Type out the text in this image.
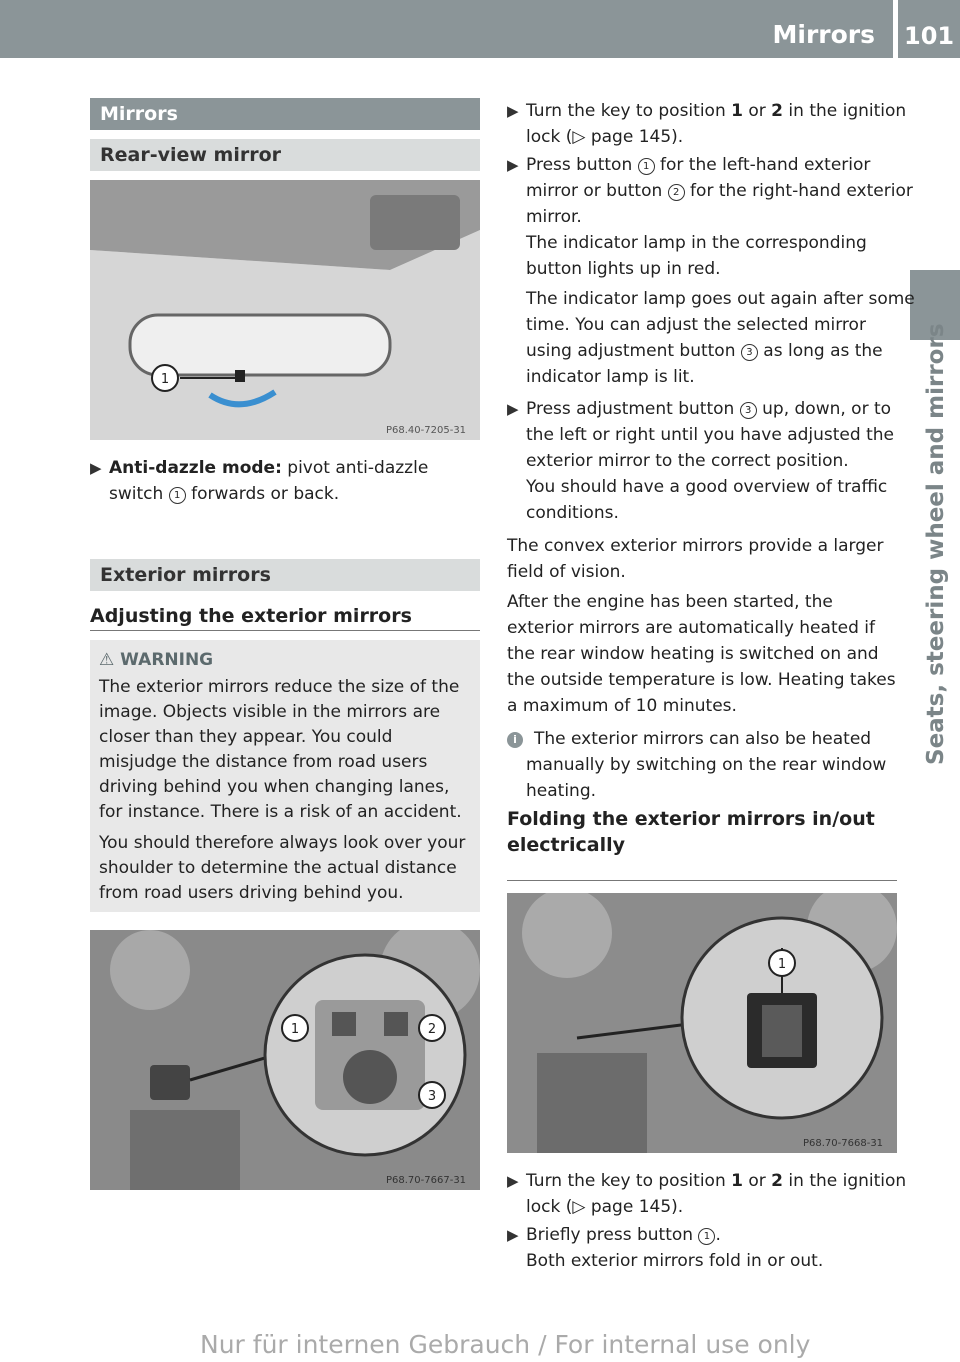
Mirrors 101
Seats, steering wheel and mirrors
Mirrors
Rear-view mirror
1
P68.40-7205-31
▶ Anti-dazzle mode: pivot anti-dazzle switch 1 forwards or back.
Exterior mirrors
Adjusting the exterior mirrors
⚠ WARNING
The exterior mirrors reduce the size of the image. Objects visible in the mirrors are closer than they appear. You could misjudge the distance from road users driving behind you when changing lanes, for instance. There is a risk of an accident.
You should therefore always look over your shoulder to determine the actual distance from road users driving behind you.
1	2
3
P68.70-7667-31
▶ Turn the key to position 1 or 2 in the ignition lock (▷ page 145).
▶ Press button 1 for the left-hand exterior mirror or button 2 for the right-hand exterior mirror.
The indicator lamp in the corresponding button lights up in red.
The indicator lamp goes out again after some time. You can adjust the selected mirror using adjustment button 3 as long as the indicator lamp is lit.
▶ Press adjustment button 3 up, down, or to the left or right until you have adjusted the exterior mirror to the correct position.
You should have a good overview of traffic conditions.
The convex exterior mirrors provide a larger field of vision.
After the engine has been started, the exterior mirrors are automatically heated if the rear window heating is switched on and the outside temperature is low. Heating takes a maximum of 10 minutes.
i	The exterior mirrors can also be heated manually by switching on the rear window heating.
Folding the exterior mirrors in/out electrically
1
P68.70-7668-31
▶ Turn the key to position 1 or 2 in the ignition lock (▷ page 145).
▶ Briefly press button 1 .
Both exterior mirrors fold in or out.
Nur für internen Gebrauch / For internal use only
